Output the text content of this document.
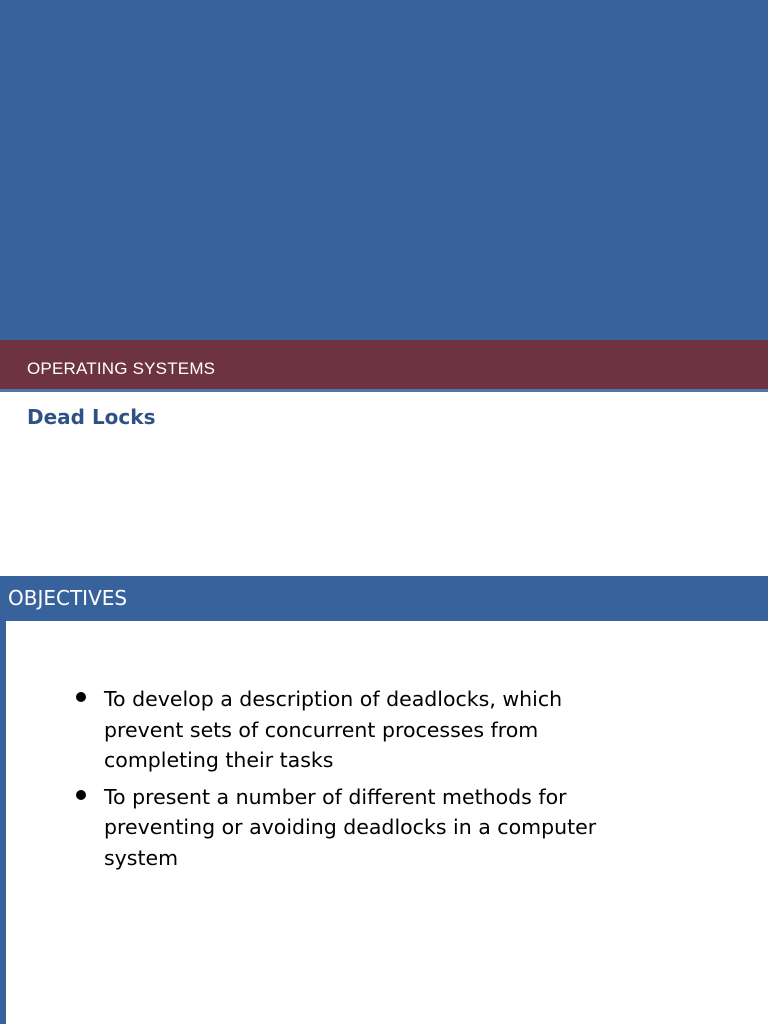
OPERATING SYSTEMS
Dead Locks
OBJECTIVES
To develop a description of deadlocks, which prevent sets of concurrent processes from completing their tasks
To present a number of different methods for preventing or avoiding deadlocks in a computer system
